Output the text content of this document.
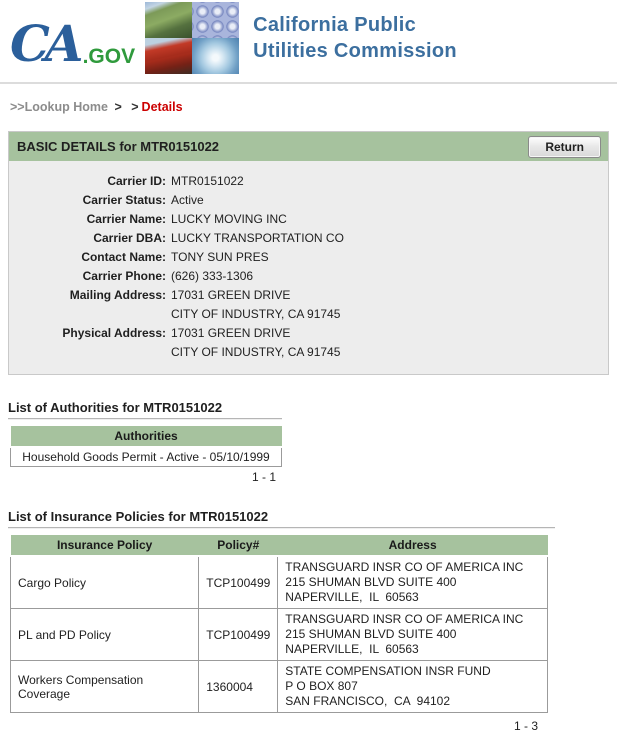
CA .GOV
California Public
Utilities Commission
>>Lookup Home > > Details
BASIC DETAILS for MTR0151022	Return
Carrier ID: MTR0151022
Carrier Status: Active
Carrier Name: LUCKY MOVING INC
Carrier DBA: LUCKY TRANSPORTATION CO
Contact Name: TONY SUN PRES
Carrier Phone: (626) 333-1306
Mailing Address: 17031 GREEN DRIVE
CITY OF INDUSTRY, CA 91745
Physical Address: 17031 GREEN DRIVE
CITY OF INDUSTRY, CA 91745
List of Authorities for MTR0151022
Authorities
Household Goods Permit - Active - 05/10/1999
1 - 1
List of Insurance Policies for MTR0151022
Insurance Policy	Policy#	Address
Cargo Policy	TCP100499	TRANSGUARD INSR CO OF AMERICA INC
215 SHUMAN BLVD SUITE 400
NAPERVILLE,  IL  60563

PL and PD Policy	TCP100499	TRANSGUARD INSR CO OF AMERICA INC
215 SHUMAN BLVD SUITE 400
NAPERVILLE,  IL  60563

Workers Compensation Coverage	1360004	STATE COMPENSATION INSR FUND
P O BOX 807
SAN FRANCISCO,  CA  94102
1 - 3
